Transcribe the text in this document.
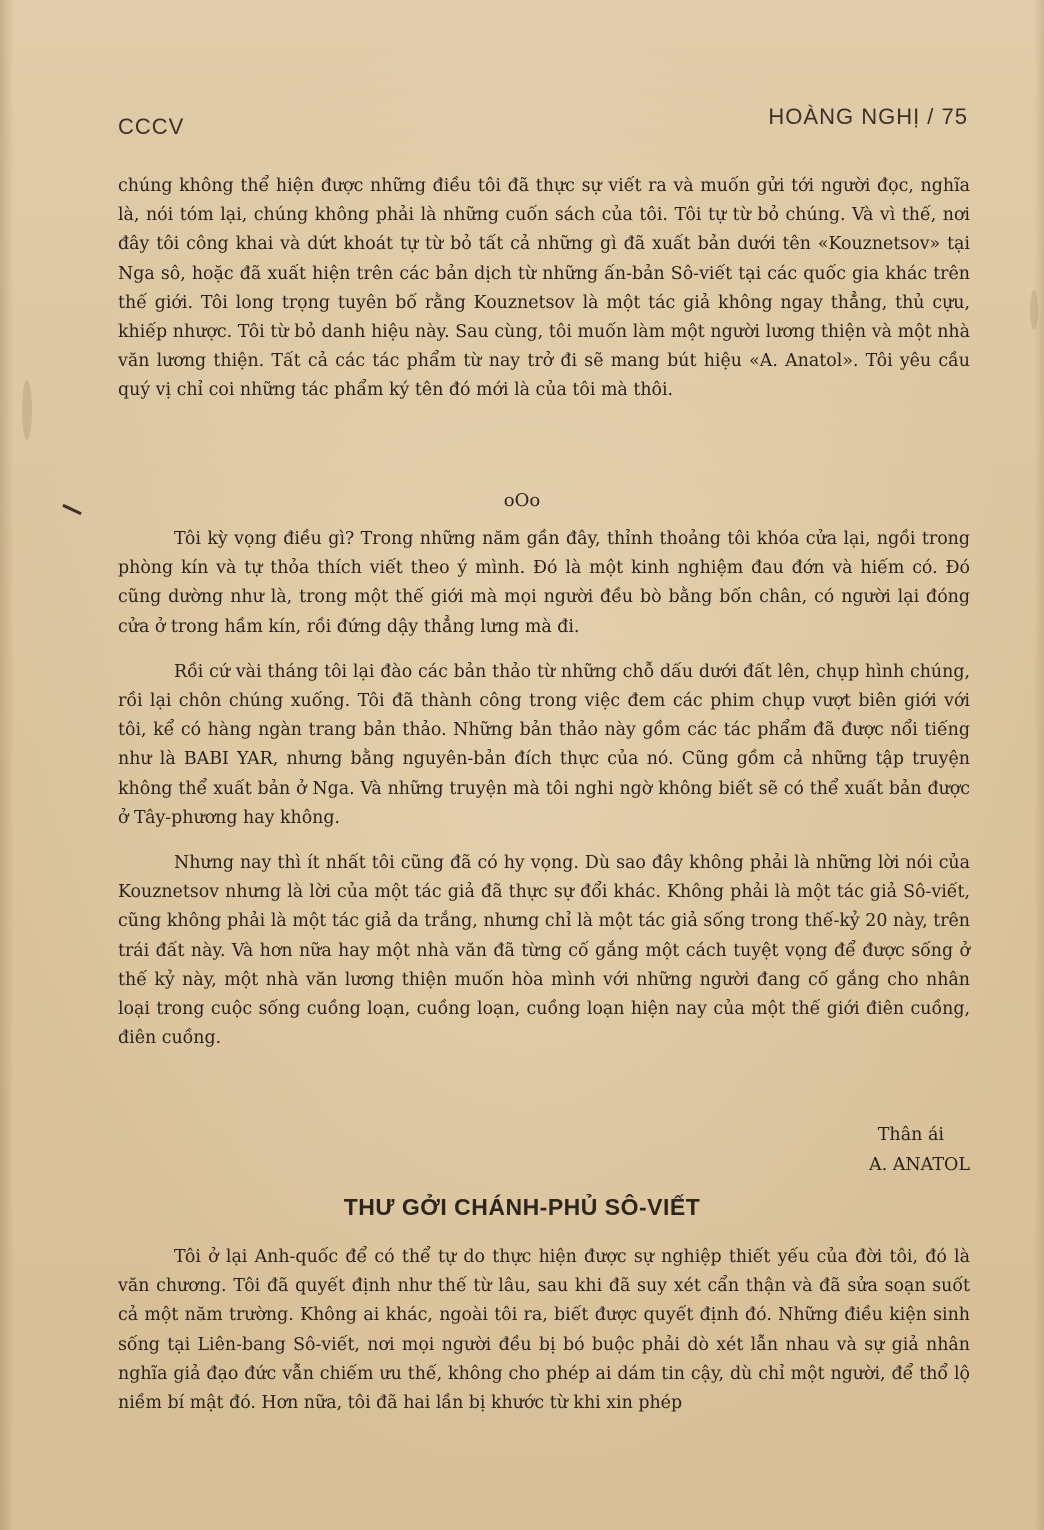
CCCV	HOÀNG NGHỊ / 75

chúng không thể hiện được những điều tôi đã thực sự viết ra và muốn gửi tới người đọc, nghĩa là, nói tóm lại, chúng không phải là những cuốn sách của tôi. Tôi tự từ bỏ chúng. Và vì thế, nơi đây tôi công khai và dứt khoát tự từ bỏ tất cả những gì đã xuất bản dưới tên «Kouznetsov» tại Nga sô, hoặc đã xuất hiện trên các bản dịch từ những ấn-bản Sô-viết tại các quốc gia khác trên thế giới. Tôi long trọng tuyên bố rằng Kouznetsov là một tác giả không ngay thẳng, thủ cựu, khiếp nhược. Tôi từ bỏ danh hiệu này. Sau cùng, tôi muốn làm một người lương thiện và một nhà văn lương thiện. Tất cả các tác phẩm từ nay trở đi sẽ mang bút hiệu «A. Anatol». Tôi yêu cầu quý vị chỉ coi những tác phẩm ký tên đó mới là của tôi mà thôi.

oOo

Tôi kỳ vọng điều gì? Trong những năm gần đây, thỉnh thoảng tôi khóa cửa lại, ngồi trong phòng kín và tự thỏa thích viết theo ý mình. Đó là một kinh nghiệm đau đớn và hiếm có. Đó cũng dường như là, trong một thế giới mà mọi người đều bò bằng bốn chân, có người lại đóng cửa ở trong hầm kín, rồi đứng dậy thẳng lưng mà đi.

Rồi cứ vài tháng tôi lại đào các bản thảo từ những chỗ dấu dưới đất lên, chụp hình chúng, rồi lại chôn chúng xuống. Tôi đã thành công trong việc đem các phim chụp vượt biên giới với tôi, kể có hàng ngàn trang bản thảo. Những bản thảo này gồm các tác phẩm đã được nổi tiếng như là BABI YAR, nhưng bằng nguyên-bản đích thực của nó. Cũng gồm cả những tập truyện không thể xuất bản ở Nga. Và những truyện mà tôi nghi ngờ không biết sẽ có thể xuất bản được ở Tây-phương hay không.

Nhưng nay thì ít nhất tôi cũng đã có hy vọng. Dù sao đây không phải là những lời nói của Kouznetsov nhưng là lời của một tác giả đã thực sự đổi khác. Không phải là một tác giả Sô-viết, cũng không phải là một tác giả da trắng, nhưng chỉ là một tác giả sống trong thế-kỷ 20 này, trên trái đất này. Và hơn nữa hay một nhà văn đã từng cố gắng một cách tuyệt vọng để được sống ở thế kỷ này, một nhà văn lương thiện muốn hòa mình với những người đang cố gắng cho nhân loại trong cuộc sống cuồng loạn, cuồng loạn, cuồng loạn hiện nay của một thế giới điên cuồng, điên cuồng.

Thân ái
A. ANATOL
THƯ GỞI CHÁNH-PHỦ SÔ-VIẾT

Tôi ở lại Anh-quốc để có thể tự do thực hiện được sự nghiệp thiết yếu của đời tôi, đó là văn chương. Tôi đã quyết định như thế từ lâu, sau khi đã suy xét cẩn thận và đã sửa soạn suốt cả một năm trường. Không ai khác, ngoài tôi ra, biết được quyết định đó. Những điều kiện sinh sống tại Liên-bang Sô-viết, nơi mọi người đều bị bó buộc phải dò xét lẫn nhau và sự giả nhân nghĩa giả đạo đức vẫn chiếm ưu thế, không cho phép ai dám tin cậy, dù chỉ một người, để thổ lộ niềm bí mật đó. Hơn nữa, tôi đã hai lần bị khước từ khi xin phép
